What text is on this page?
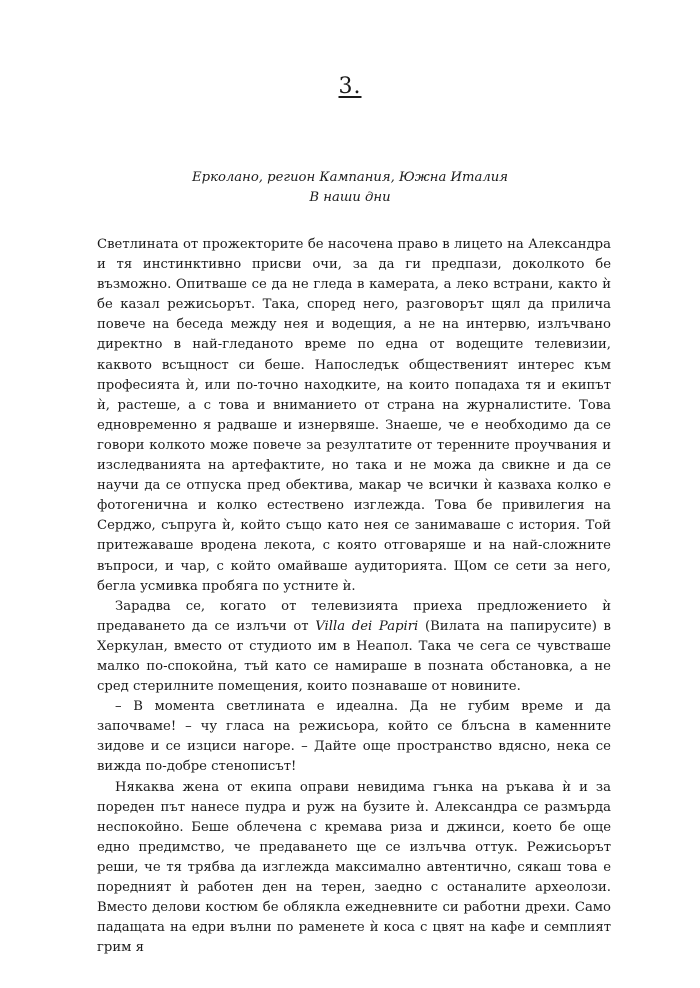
3.
Ерколано, регион Кампания, Южна Италия
В наши дни

Светлината от прожекторите бе насочена право в лицето на Александра и тя инстинктивно присви очи, за да ги предпази, доколкото бе възможно. Опитваше се да не гледа в камерата, а леко встрани, както ѝ бе казал режисьорът. Така, според него, разговорът щял да прилича повече на беседа между нея и водещия, а не на интервю, излъчвано директно в най-гледаното време по една от водещите телевизии, каквото всъщност си беше. Напоследък общественият интерес към професията ѝ, или по-точно находките, на които попадаха тя и екипът ѝ, растеше, а с това и вниманието от страна на журналистите. Това едновременно я радваше и изнервяше. Знаеше, че е необходимо да се говори колкото може повече за резултатите от теренните проучвания и изследванията на артефактите, но така и не можа да свикне и да се научи да се отпуска пред обектива, макар че всички ѝ казваха колко е фотогенична и колко естествено изглежда. Това бе привилегия на Серджо, съпруга ѝ, който също като нея се занимаваше с история. Той притежаваше вродена лекота, с която отговаряше и на най-сложните въпроси, и чар, с който омайваше аудиторията. Щом се сети за него, бегла усмивка пробяга по устните ѝ.

Зарадва се, когато от телевизията приеха предложението ѝ предаването да се излъчи от Villa dei Papiri (Вилата на папирусите) в Херкулан, вместо от студиото им в Неапол. Така че сега се чувстваше малко по-спокойна, тъй като се намираше в позната обстановка, а не сред стерилните помещения, които познаваше от новините.

– В момента светлината е идеална. Да не губим време и да започваме! – чу гласа на режисьора, който се блъсна в каменните зидове и се изциси нагоре. – Дайте още пространство вдясно, нека се вижда по-добре стенописът!

Някаква жена от екипа оправи невидима гънка на ръкава ѝ и за пореден път нанесе пудра и руж на бузите ѝ. Александра се размърда неспокойно. Беше облечена с кремава риза и джинси, което бе още едно предимство, че предаването ще се излъчва оттук. Режисьорът реши, че тя трябва да изглежда максимално автентично, сякаш това е поредният ѝ работен ден на терен, заедно с останалите археолози. Вместо делови костюм бе облякла ежедневните си работни дрехи. Само падащата на едри вълни по раменете ѝ коса с цвят на кафе и семплият грим я
